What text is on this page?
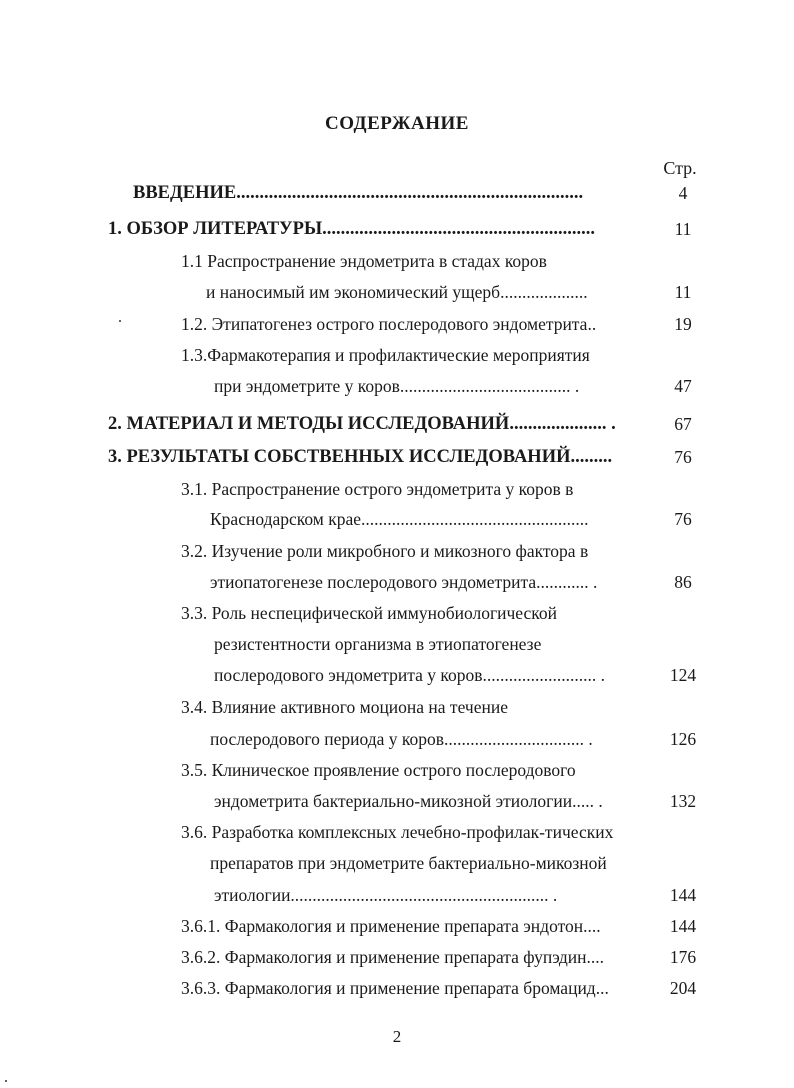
СОДЕРЖАНИЕ
Стр.
ВВЕДЕНИЕ...........................................................................	4
1. ОБЗОР ЛИТЕРАТУРЫ...........................................................	11
1.1 Распространение эндометрита в стадах коров
и наносимый им экономический ущерб....................	11
1.2. Этипатогенез острого послеродового эндометрита..	19
1.3.Фармакотерапия и профилактические мероприятия
при эндометрите у коров....................................... .	47
2. МАТЕРИАЛ И МЕТОДЫ ИССЛЕДОВАНИЙ..................... .	67
3. РЕЗУЛЬТАТЫ СОБСТВЕННЫХ ИССЛЕДОВАНИЙ.........	76
3.1. Распространение острого эндометрита у коров в
Краснодарском крае....................................................	76
3.2. Изучение роли микробного и микозного фактора в
этиопатогенезе послеродового эндометрита............ .	86
3.3. Роль неспецифической иммунобиологической
резистентности организма в этиопатогенезе
послеродового эндометрита у коров.......................... .	124
3.4. Влияние активного моциона на течение
послеродового периода у коров................................ .	126
3.5. Клиническое проявление острого послеродового
эндометрита бактериально-микозной этиологии..... .	132
3.6. Разработка комплексных лечебно-профилак-тических
препаратов при эндометрите бактериально-микозной
этиологии........................................................... .	144
3.6.1. Фармакология и применение препарата эндотон....	144
3.6.2. Фармакология и применение препарата фупэдин....	176
3.6.3. Фармакология и применение препарата бромацид...	204
2
